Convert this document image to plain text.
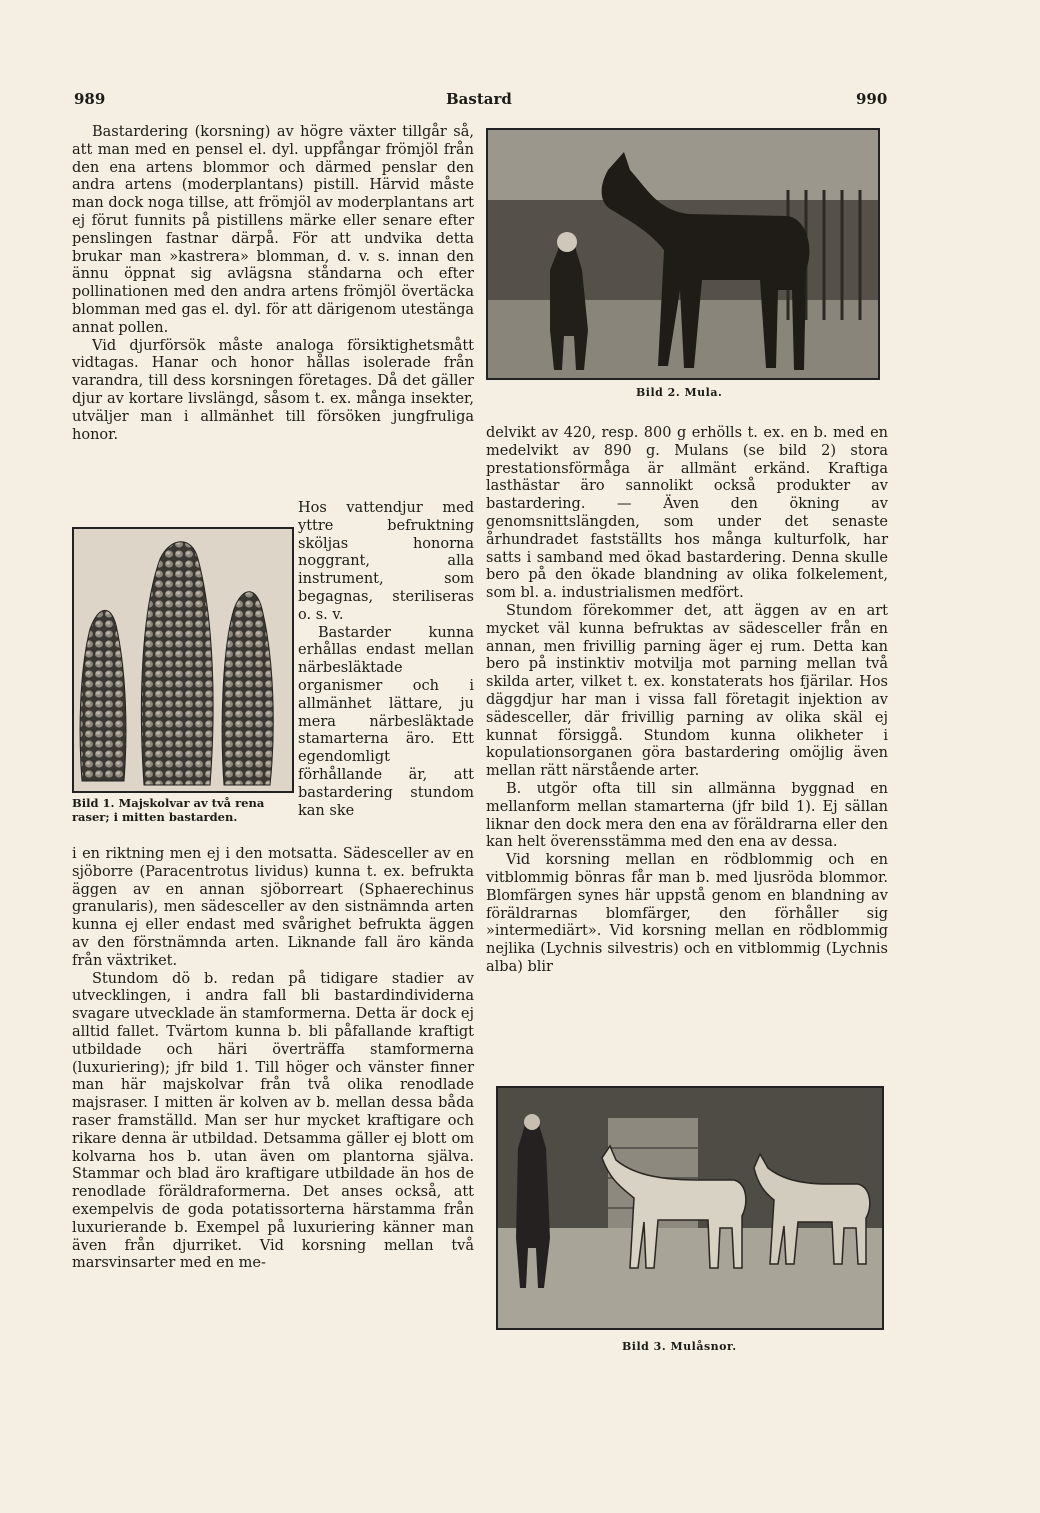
989	Bastard	990

Bastardering (korsning) av högre växter tillgår så, att man med en pensel el. dyl. uppfångar frömjöl från den ena artens blommor och därmed penslar den andra artens (moderplantans) pistill. Härvid måste man dock noga tillse, att frömjöl av moderplantans art ej förut funnits på pistillens märke eller senare efter penslingen fastnar därpå. För att undvika detta brukar man »kastrera» blomman, d. v. s. innan den ännu öppnat sig avlägsna ståndarna och efter pollinationen med den andra artens frömjöl övertäcka blomman med gas el. dyl. för att därigenom utestänga annat pollen.

Vid djurförsök måste analoga försiktighetsmått vidtagas. Hanar och honor hållas isolerade från varandra, till dess korsningen företages. Då det gäller djur av kortare livslängd, såsom t. ex. många insekter, utväljer man i allmänhet till försöken jungfruliga honor.

Bild 1. Majskolvar av två rena raser; i mitten bastarden.

Hos vattendjur med yttre befruktning sköljas honorna noggrant, alla instrument, som begagnas, steriliseras o. s. v.

Bastarder kunna erhållas endast mellan närbesläktade organismer och i allmänhet lättare, ju mera närbesläktade stamarterna äro. Ett egendomligt förhållande är, att bastardering stundom kan ske

i en riktning men ej i den motsatta. Sädesceller av en sjöborre (Paracentrotus lividus) kunna t. ex. befrukta äggen av en annan sjöborreart (Sphaerechinus granularis), men sädesceller av den sistnämnda arten kunna ej eller endast med svårighet befrukta äggen av den förstnämnda arten. Liknande fall äro kända från växtriket.

Stundom dö b. redan på tidigare stadier av utvecklingen, i andra fall bli bastardindividerna svagare utvecklade än stamformerna. Detta är dock ej alltid fallet. Tvärtom kunna b. bli påfallande kraftigt utbildade och häri överträffa stamformerna (luxuriering); jfr bild 1. Till höger och vänster finner man här majskolvar från två olika renodlade majsraser. I mitten är kolven av b. mellan dessa båda raser framställd. Man ser hur mycket kraftigare och rikare denna är utbildad. Detsamma gäller ej blott om kolvarna hos b. utan även om plantorna själva. Stammar och blad äro kraftigare utbildade än hos de renodlade föräldraformerna. Det anses också, att exempelvis de goda potatissorterna härstamma från luxurierande b. Exempel på luxuriering känner man även från djurriket. Vid korsning mellan två marsvinsarter med en me-

Bild 2. Mula.

delvikt av 420, resp. 800 g erhölls t. ex. en b. med en medelvikt av 890 g. Mulans (se bild 2) stora prestationsförmåga är allmänt erkänd. Kraftiga lasthästar äro sannolikt också produkter av bastardering. — Även den ökning av genomsnittslängden, som under det senaste århundradet fastställts hos många kulturfolk, har satts i samband med ökad bastardering. Denna skulle bero på den ökade blandning av olika folkelement, som bl. a. industrialismen medfört.

Stundom förekommer det, att äggen av en art mycket väl kunna befruktas av sädesceller från en annan, men frivillig parning äger ej rum. Detta kan bero på instinktiv motvilja mot parning mellan två skilda arter, vilket t. ex. konstaterats hos fjärilar. Hos däggdjur har man i vissa fall företagit injektion av sädesceller, där frivillig parning av olika skäl ej kunnat försiggå. Stundom kunna olikheter i kopulationsorganen göra bastardering omöjlig även mellan rätt närstående arter.

B. utgör ofta till sin allmänna byggnad en mellanform mellan stamarterna (jfr bild 1). Ej sällan liknar den dock mera den ena av föräldrarna eller den kan helt överensstämma med den ena av dessa.

Vid korsning mellan en rödblommig och en vitblommig bönras får man b. med ljusröda blommor. Blomfärgen synes här uppstå genom en blandning av föräldrarnas blomfärger, den förhåller sig »intermediärt». Vid korsning mellan en rödblommig nejlika (Lychnis silvestris) och en vitblommig (Lychnis alba) blir

Bild 3. Mulåsnor.
